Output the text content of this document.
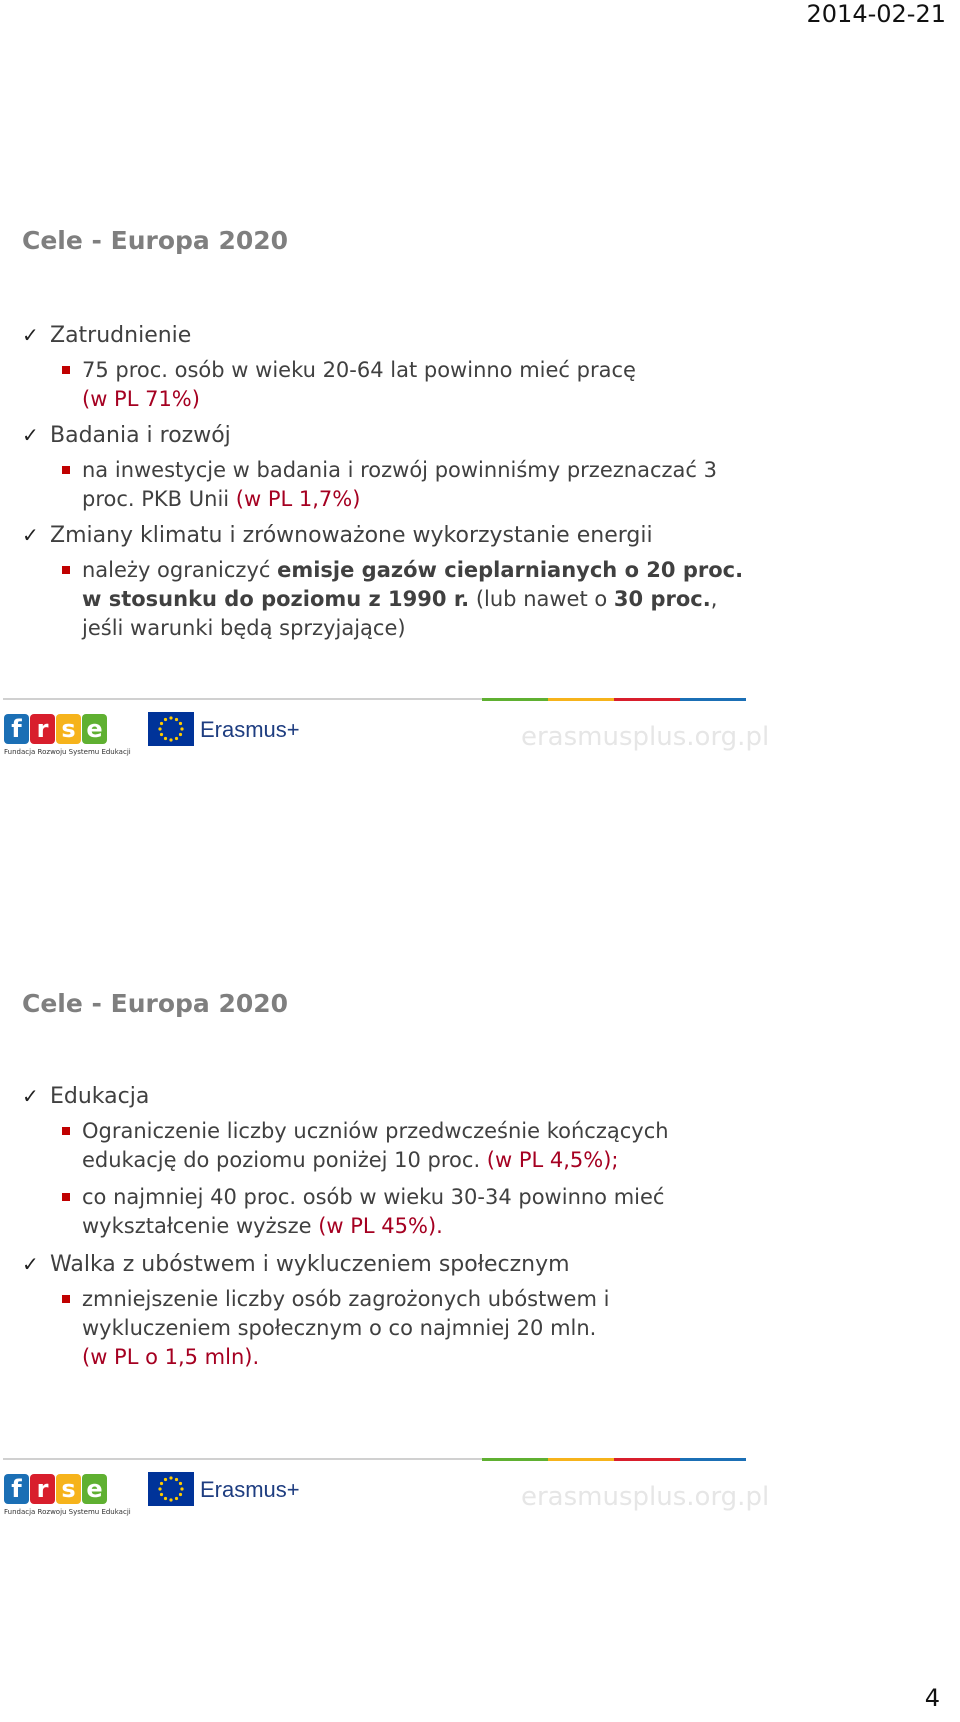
2014-02-21
Cele - Europa 2020
✓ Zatrudnienie
75 proc. osób w wieku 20-64 lat powinno mieć pracę
(w PL 71%)
✓ Badania i rozwój
na inwestycje w badania i rozwój powinniśmy przeznaczać 3 proc. PKB Unii (w PL 1,7%)
✓ Zmiany klimatu i zrównoważone wykorzystanie energii
należy ograniczyć emisje gazów cieplarnianych o 20 proc. w stosunku do poziomu z 1990 r. (lub nawet o 30 proc., jeśli warunki będą sprzyjające)
f r s e
Fundacja Rozwoju Systemu Edukacji
Erasmus+	erasmusplus.org.pl
Cele - Europa 2020
✓ Edukacja
Ograniczenie liczby uczniów przedwcześnie kończących edukację do poziomu poniżej 10 proc. (w PL 4,5%);
co najmniej 40 proc. osób w wieku 30-34 powinno mieć wykształcenie wyższe (w PL 45%).
✓ Walka z ubóstwem i wykluczeniem społecznym
zmniejszenie liczby osób zagrożonych ubóstwem i wykluczeniem społecznym o co najmniej 20 mln.
(w PL o 1,5 mln).
f r s e
Fundacja Rozwoju Systemu Edukacji
Erasmus+	erasmusplus.org.pl
4
